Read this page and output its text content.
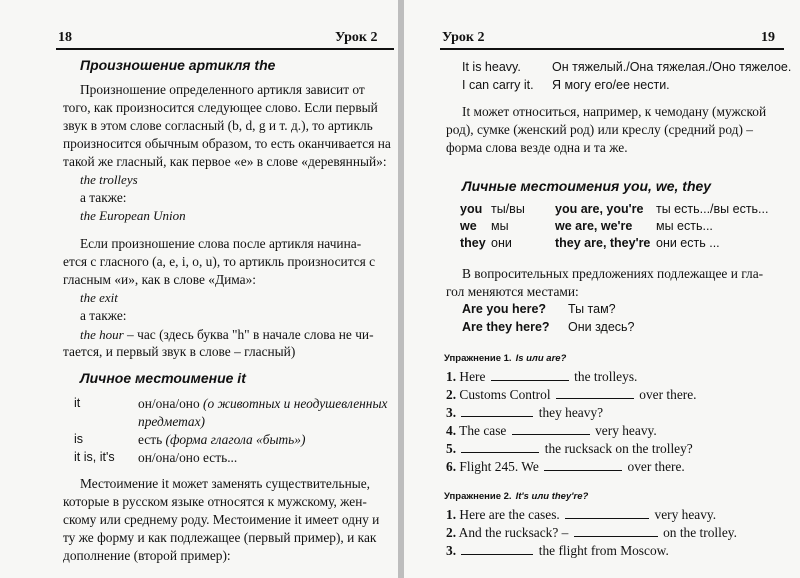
18	Урок 2
Произношение артикля the
Произношение определенного артикля зависит от
того, как произносится следующее слово. Если первый
звук в этом слове согласный (b, d, g и т. д.), то артикль
произносится обычным образом, то есть оканчивается на
такой же гласный, как первое «е» в слове «деревянный»:
the trolleys
а также:
the European Union
Если произношение слова после артикля начина-
ется с гласного (a, e, i, o, u), то артикль произносится с
гласным «и», как в слове «Дима»:
the exit
а также:
the hour – час (здесь буква "h" в начале слова не чи-
тается, и первый звук в слове – гласный)
Личное местоимение it
it	он/она/оно (о животных и неодушевленных
предметах)
is	есть (форма глагола «быть»)
it is, it's он/она/оно есть...
Местоимение it может заменять существительные,
которые в русском языке относятся к мужскому, жен-
скому или среднему роду. Местоимение it имеет одну и
ту же форму и как подлежащее (первый пример), и как
дополнение (второй пример):
Урок 2	19
It is heavy. Он тяжелый./Она тяжелая./Оно тяжелое.
I can carry it. Я могу его/ее нести.
It может относиться, например, к чемодану (мужской
род), сумке (женский род) или креслу (средний род) –
форма слова везде одна и та же.
Личные местоимения you, we, they
you ты/вы you are, you're ты есть.../вы есть...
we мы	we are, we're мы есть...
they они	they are, they're они есть ...
В вопросительных предложениях подлежащее и гла-
гол меняются местами:
Are you here? Ты там?
Are they here? Они здесь?
Упражнение 1. Is или are?
1. Here	the trolleys.
2. Customs Control	over there.
3.	they heavy?
4. The case	very heavy.
5.	the rucksack on the trolley?
6. Flight 245. We	over there.
Упражнение 2. It's или they're?
1. Here are the cases.	very heavy.
2. And the rucksack? –	on the trolley.
3.	the flight from Moscow.
